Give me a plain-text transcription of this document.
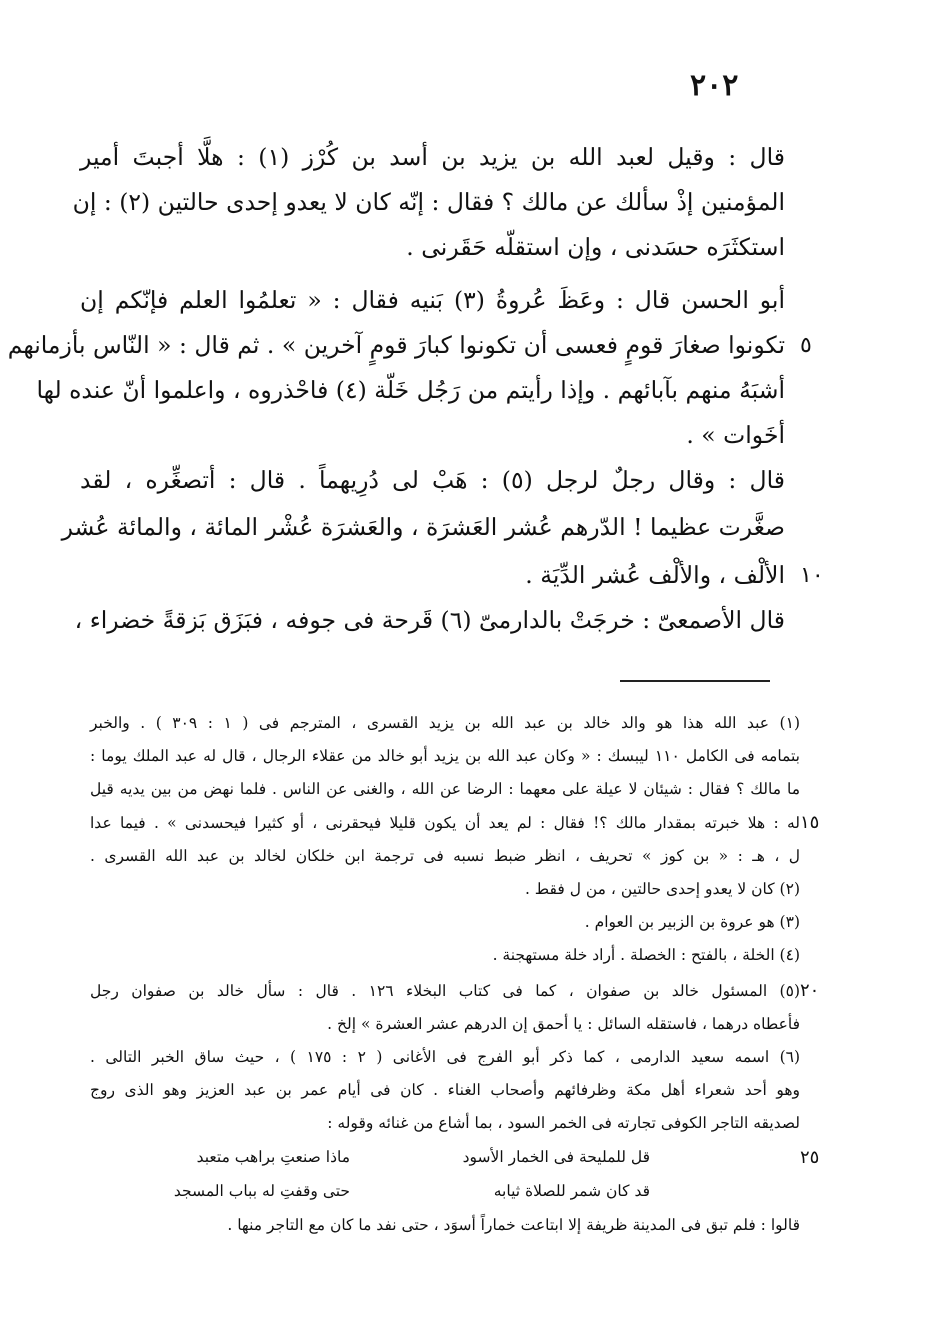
٢٠٢
قال : وقيل لعبد الله بن يزيد بن أسد بن كُرْز (١) : هلَّا أجبتَ أمير
المؤمنين إذْ سألك عن مالك ؟ فقال : إنّه كان لا يعدو إحدى حالتين (٢) : إن
استكثَرَه حسَدنى ، وإن استقلّه حَقَرنى .
أبو الحسن قال : وعَظَ عُروةُ (٣) بَنيه فقال : « تعلمُوا العلم فإنّكم إن
تكونوا صغارَ قومٍ فعسى أن تكونوا كبارَ قومٍ آخرين » . ثم قال : « النّاس بأزمانهم
أشبَهُ منهم بآبائهم . وإذا رأيتم من رَجُل خَلّة (٤) فاحْذروه ، واعلموا أنّ عنده لها
أخَوات » .
قال : وقال رجلٌ لرجل (٥) : هَبْ لى دُرِيهماً . قال : أتصغِّره ، لقد
صغَّرت عظيما ! الدّرهم عُشر العَشرَة ، والعَشرَة عُشْر المائة ، والمائة عُشر
الألْف ، والألْف عُشر الدِّيَة .
قال الأصمعىّ : خرجَتْ بالدارمىّ (٦) قَرحة فى جوفه ، فبَزَق بَزقةً خضراء ،
٥
١٠
١٥
٢٠
٢٥
(١) عبد الله هذا هو والد خالد بن عبد الله بن يزيد القسرى ، المترجم فى ( ١ : ٣٠٩ ) . والخبر
بتمامه فى الكامل ١١٠ ليبسك : « وكان عبد الله بن يزيد أبو خالد من عقلاء الرجال ، قال له عبد الملك يوما :
ما مالك ؟ فقال : شيئان لا عيلة على معهما : الرضا عن الله ، والغنى عن الناس . فلما نهض من بين يديه قيل
له : هلا خبرته بمقدار مالك ؟! فقال : لم يعد أن يكون قليلا فيحقرنى ، أو كثيرا فيحسدنى » . فيما عدا
ل ، هـ : « بن كوز » تحريف ، انظر ضبط نسبه فى ترجمة ابن خلكان لخالد بن عبد الله القسرى .
(٢) كان لا يعدو إحدى حالتين ، من ل فقط .
(٣) هو عروة بن الزبير بن العوام .
(٤) الخلة ، بالفتح : الخصلة . أراد خلة مستهجنة .
(٥) المسئول خالد بن صفوان ، كما فى كتاب البخلاء ١٢٦ . قال : سأل خالد بن صفوان رجل
فأعطاه درهما ، فاستقله السائل : يا أحمق إن الدرهم عشر العشرة » إلخ .
(٦) اسمه سعيد الدارمى ، كما ذكر أبو الفرج فى الأغانى ( ٢ : ١٧٥ ) ، حيث ساق الخبر التالى .
وهو أحد شعراء أهل مكة وظرفائهم وأصحاب الغناء . كان فى أيام عمر بن عبد العزيز وهو الذى روج
لصديقه التاجر الكوفى تجارته فى الخمر السود ، بما أشاع من غنائه وقوله :
قل للمليحة فى الخمار الأسود
ماذا صنعتِ براهب متعبد
قد كان شمر للصلاة ثيابه
حتى وقفتِ له بباب المسجد
قالوا : فلم تبق فى المدينة ظريفة إلا ابتاعت خماراً أسوَد ، حتى نفد ما كان مع التاجر منها .
